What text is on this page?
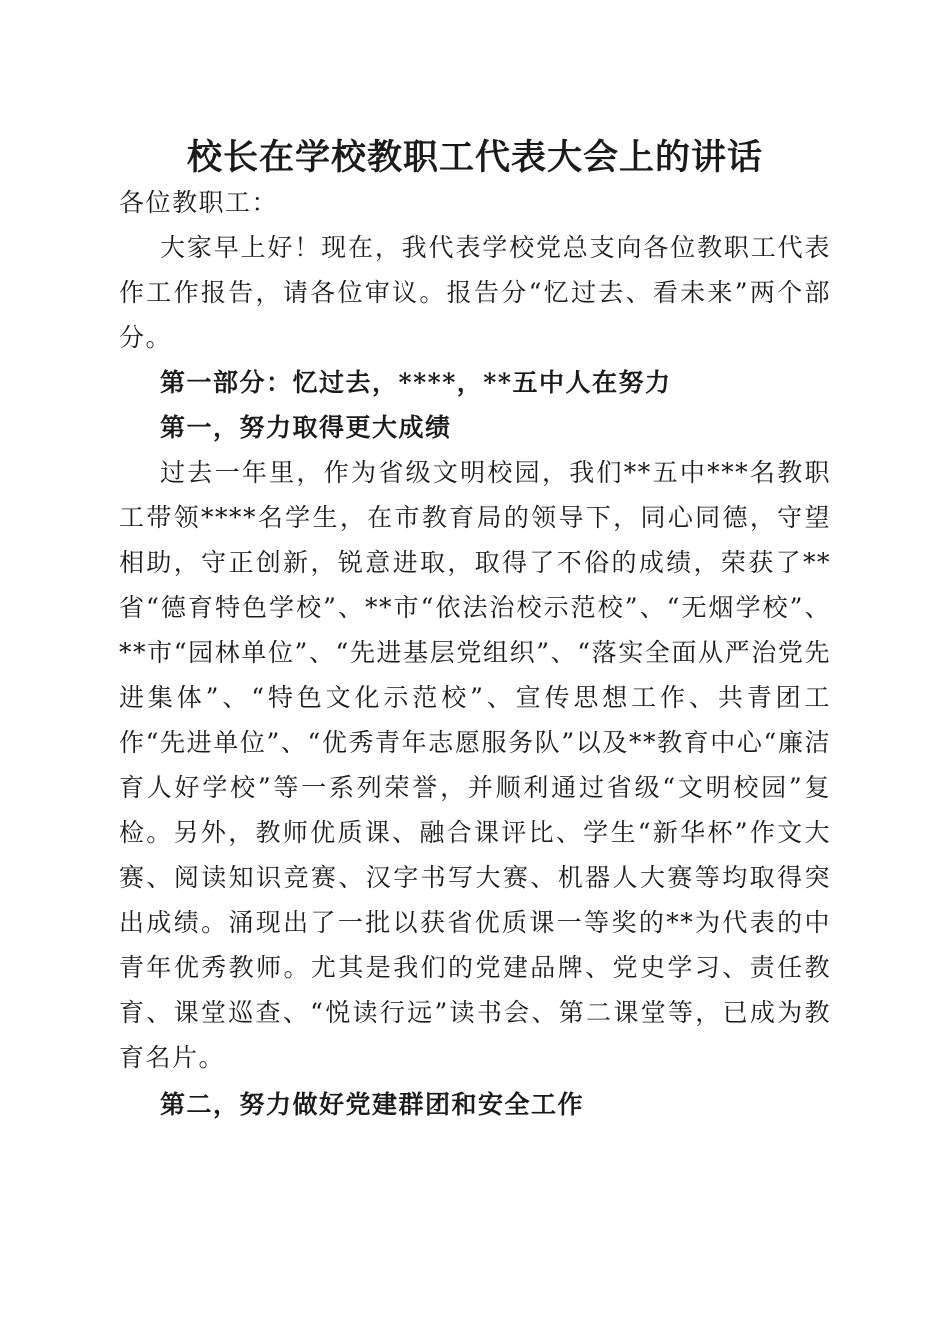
校长在学校教职工代表大会上的讲话

各位教职工：

大家早上好！现在，我代表学校党总支向各位教职工代表作工作报告，请各位审议。报告分“忆过去、看未来”两个部分。

第一部分：忆过去，****，**五中人在努力

第一，努力取得更大成绩

过去一年里，作为省级文明校园，我们**五中***名教职工带领****名学生，在市教育局的领导下，同心同德，守望相助，守正创新，锐意进取，取得了不俗的成绩，荣获了**省“德育特色学校”、**市“依法治校示范校”、“无烟学校”、**市“园林单位”、“先进基层党组织”、“落实全面从严治党先进集体”、“特色文化示范校”、宣传思想工作、共青团工作“先进单位”、“优秀青年志愿服务队”以及**教育中心“廉洁育人好学校”等一系列荣誉，并顺利通过省级“文明校园”复检。另外，教师优质课、融合课评比、学生“新华杯”作文大赛、阅读知识竞赛、汉字书写大赛、机器人大赛等均取得突出成绩。涌现出了一批以获省优质课一等奖的**为代表的中青年优秀教师。尤其是我们的党建品牌、党史学习、责任教育、课堂巡查、“悦读行远”读书会、第二课堂等，已成为教育名片。

第二，努力做好党建群团和安全工作
